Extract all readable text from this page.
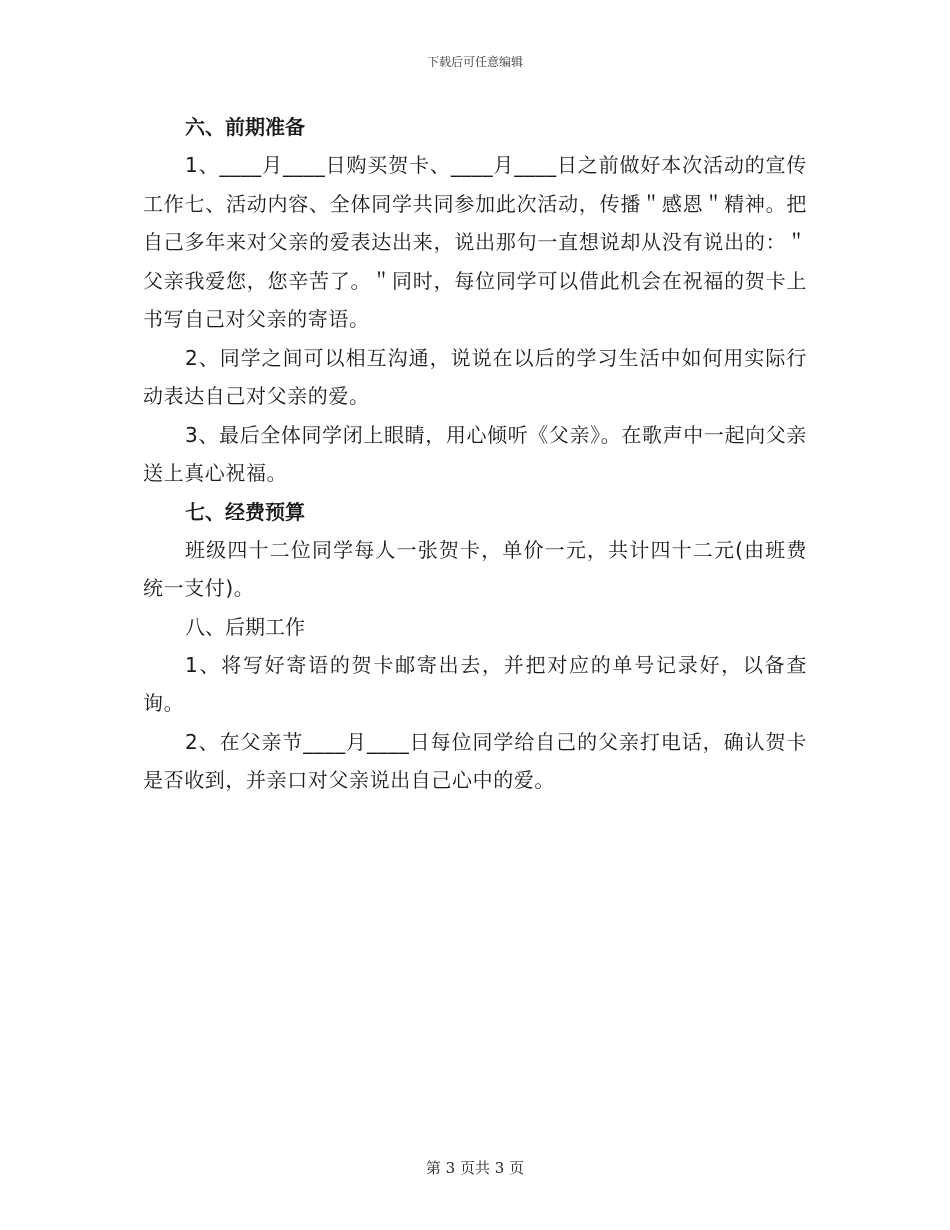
下载后可任意编辑

六、前期准备

1、____月____日购买贺卡、____月____日之前做好本次活动的宣传工作七、活动内容、全体同学共同参加此次活动，传播＂感恩＂精神。把自己多年来对父亲的爱表达出来，说出那句一直想说却从没有说出的：＂父亲我爱您，您辛苦了。＂同时，每位同学可以借此机会在祝福的贺卡上书写自己对父亲的寄语。

2、同学之间可以相互沟通，说说在以后的学习生活中如何用实际行动表达自己对父亲的爱。

3、最后全体同学闭上眼睛，用心倾听《父亲》。在歌声中一起向父亲送上真心祝福。

七、经费预算

班级四十二位同学每人一张贺卡，单价一元，共计四十二元(由班费统一支付)。

八、后期工作

1、将写好寄语的贺卡邮寄出去，并把对应的单号记录好，以备查询。

2、在父亲节____月____日每位同学给自己的父亲打电话，确认贺卡是否收到，并亲口对父亲说出自己心中的爱。

第 3 页共 3 页
